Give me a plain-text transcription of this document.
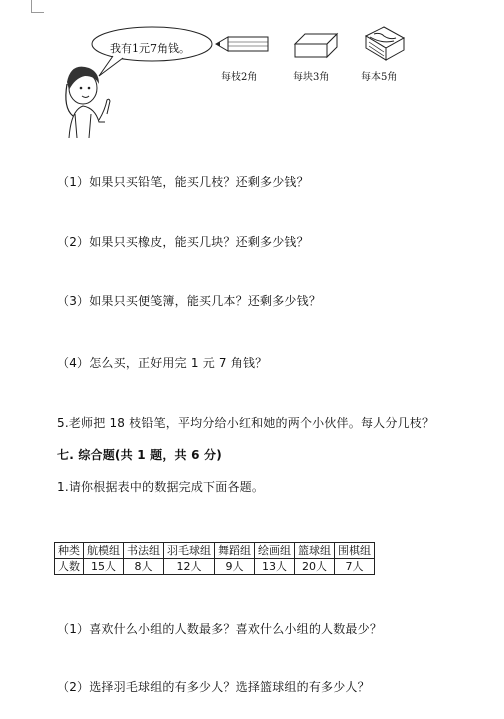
我有1元7角钱。
每枝2角	每块3角	每本5角
（1）如果只买铅笔，能买几枝？还剩多少钱？
（2）如果只买橡皮，能买几块？还剩多少钱？
（3）如果只买便笺簿，能买几本？还剩多少钱？
（4）怎么买，正好用完 1 元 7 角钱？
5.老师把 18 枝铅笔，平均分给小红和她的两个小伙伴。每人分几枝？
七. 综合题(共 1 题，共 6 分)
1.请你根据表中的数据完成下面各题。
种类	航模组	书法组	羽毛球组	舞蹈组	绘画组	篮球组	围棋组
人数	15人	8人	12人	9人	13人	20人	7人
（1）喜欢什么小组的人数最多？喜欢什么小组的人数最少？
（2）选择羽毛球组的有多少人？选择篮球组的有多少人？
